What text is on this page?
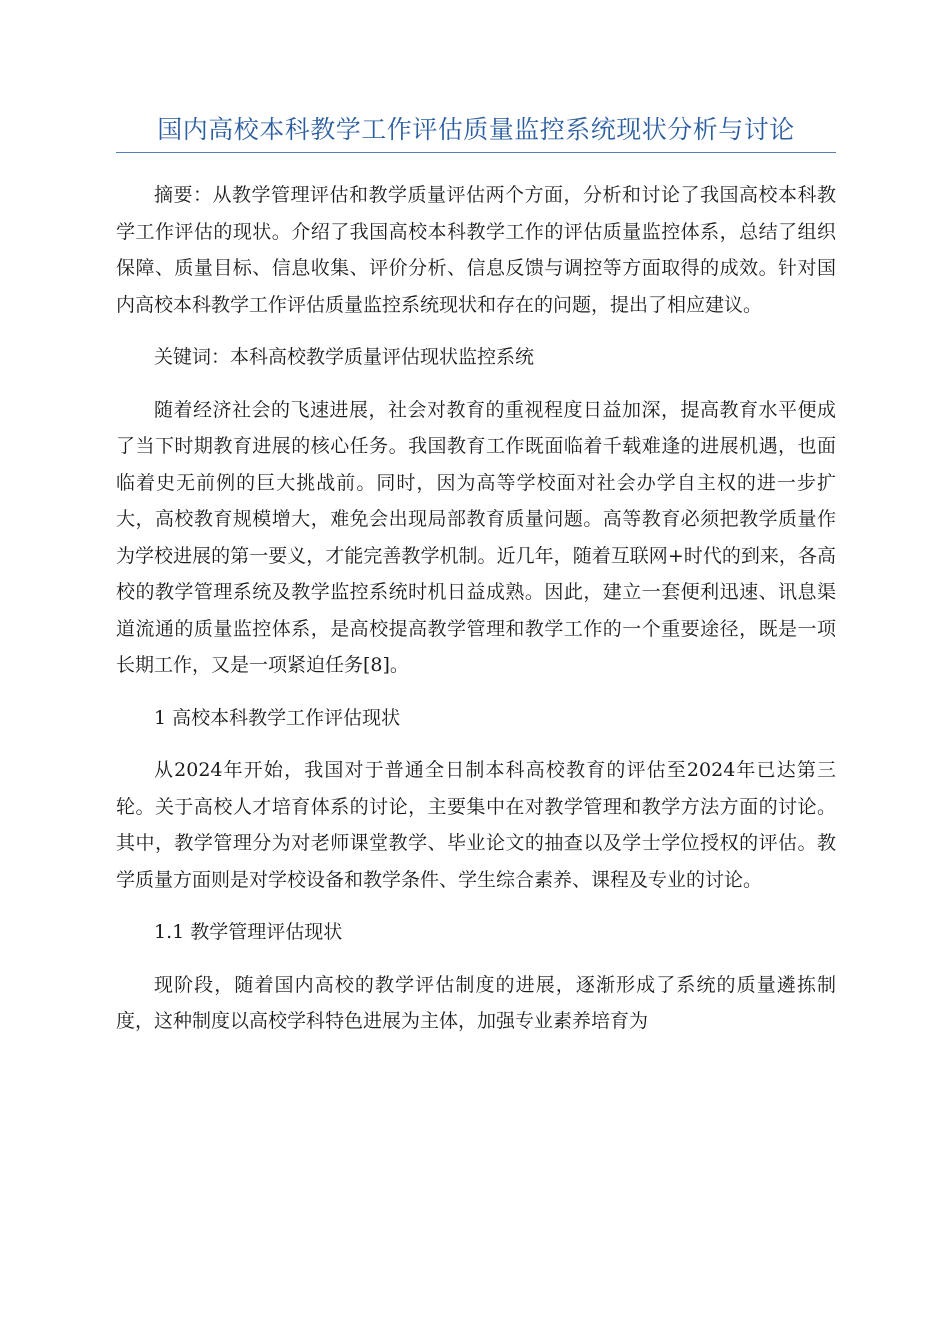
国内高校本科教学工作评估质量监控系统现状分析与讨论

摘要：从教学管理评估和教学质量评估两个方面，分析和讨论了我国高校本科教学工作评估的现状。介绍了我国高校本科教学工作的评估质量监控体系，总结了组织保障、质量目标、信息收集、评价分析、信息反馈与调控等方面取得的成效。针对国内高校本科教学工作评估质量监控系统现状和存在的问题，提出了相应建议。

关键词：本科高校教学质量评估现状监控系统

随着经济社会的飞速进展，社会对教育的重视程度日益加深，提高教育水平便成了当下时期教育进展的核心任务。我国教育工作既面临着千载难逢的进展机遇，也面临着史无前例的巨大挑战前。同时，因为高等学校面对社会办学自主权的进一步扩大，高校教育规模增大，难免会出现局部教育质量问题。高等教育必须把教学质量作为学校进展的第一要义，才能完善教学机制。近几年，随着互联网+时代的到来，各高校的教学管理系统及教学监控系统时机日益成熟。因此，建立一套便利迅速、讯息渠道流通的质量监控体系，是高校提高教学管理和教学工作的一个重要途径，既是一项长期工作，又是一项紧迫任务[8]。

1 高校本科教学工作评估现状

从2024年开始，我国对于普通全日制本科高校教育的评估至2024年已达第三轮。关于高校人才培育体系的讨论，主要集中在对教学管理和教学方法方面的讨论。其中，教学管理分为对老师课堂教学、毕业论文的抽查以及学士学位授权的评估。教学质量方面则是对学校设备和教学条件、学生综合素养、课程及专业的讨论。

1.1 教学管理评估现状

现阶段，随着国内高校的教学评估制度的进展，逐渐形成了系统的质量遴拣制度，这种制度以高校学科特色进展为主体，加强专业素养培育为
